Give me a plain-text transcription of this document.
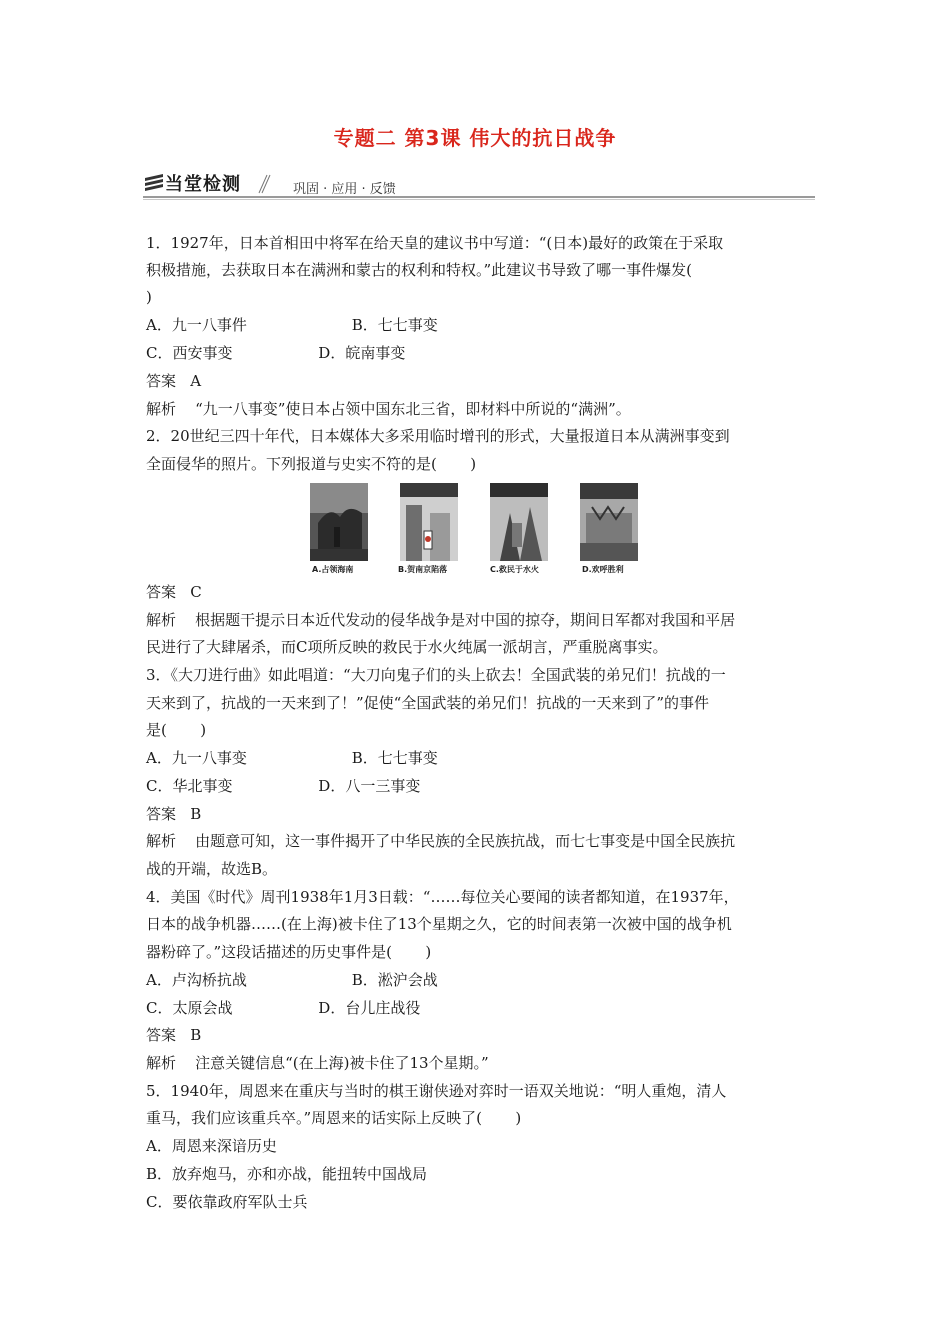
专题二 第3课 伟大的抗日战争
当堂检测	巩固 · 应用 · 反馈
1．1927年，日本首相田中将军在给天皇的建议书中写道：“(日本)最好的政策在于采取
积极措施，去获取日本在满洲和蒙古的权利和特权。”此建议书导致了哪一事件爆发(
)
A．九一八事件                      B．七七事变
C．西安事变                  D．皖南事变
答案   A
解析    “九一八事变”使日本占领中国东北三省，即材料中所说的“满洲”。
2．20世纪三四十年代，日本媒体大多采用临时增刊的形式，大量报道日本从满洲事变到
全面侵华的照片。下列报道与史实不符的是(       )
A.占领海南	B.贺南京陷落	C.救民于水火	D.欢呼胜利
答案   C
解析    根据题干提示日本近代发动的侵华战争是对中国的掠夺，期间日军都对我国和平居
民进行了大肆屠杀，而C项所反映的救民于水火纯属一派胡言，严重脱离事实。
3．《大刀进行曲》如此唱道：“大刀向鬼子们的头上砍去！全国武装的弟兄们！抗战的一
天来到了，抗战的一天来到了！”促使“全国武装的弟兄们！抗战的一天来到了”的事件
是(       )
A．九一八事变                      B．七七事变
C．华北事变                  D．八一三事变
答案   B
解析    由题意可知，这一事件揭开了中华民族的全民族抗战，而七七事变是中国全民族抗
战的开端，故选B。
4．美国《时代》周刊1938年1月3日载：“……每位关心要闻的读者都知道，在1937年，
日本的战争机器……(在上海)被卡住了13个星期之久，它的时间表第一次被中国的战争机
器粉碎了。”这段话描述的历史事件是(       )
A．卢沟桥抗战                      B．淞沪会战
C．太原会战                  D．台儿庄战役
答案   B
解析    注意关键信息“(在上海)被卡住了13个星期。”
5．1940年，周恩来在重庆与当时的棋王谢侠逊对弈时一语双关地说：“明人重炮，清人
重马，我们应该重兵卒。”周恩来的话实际上反映了(       )
A．周恩来深谙历史
B．放弃炮马，亦和亦战，能扭转中国战局
C．要依靠政府军队士兵
